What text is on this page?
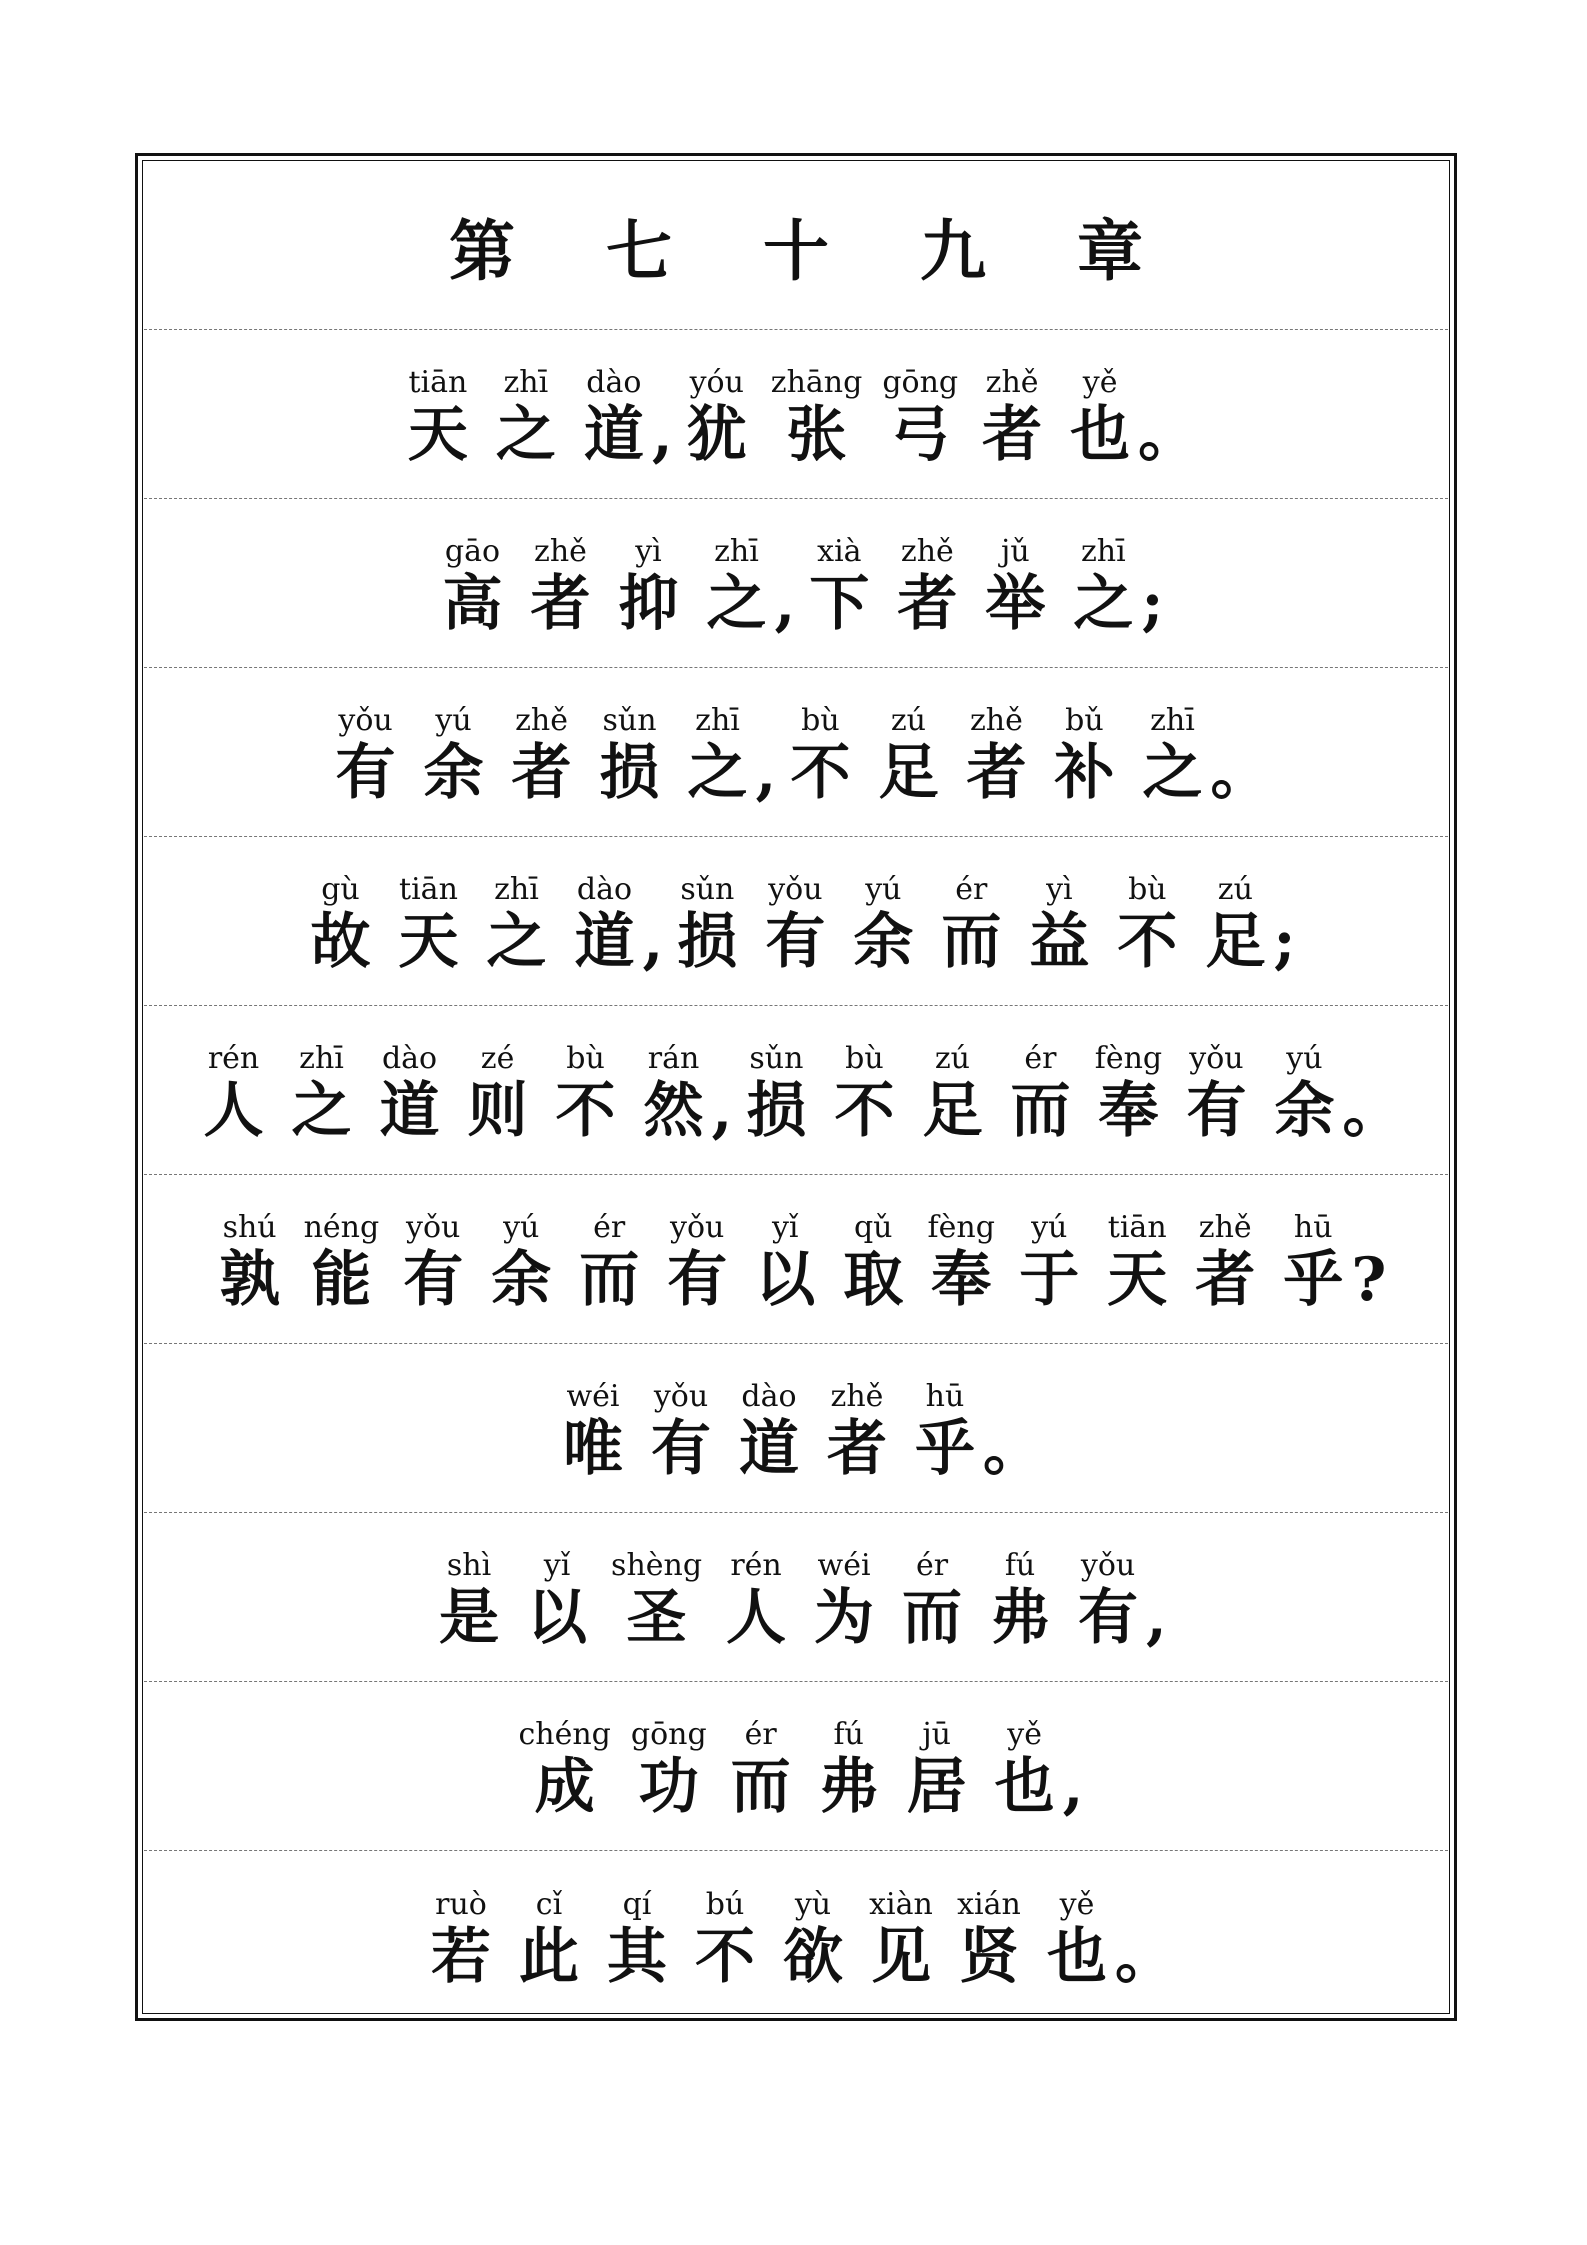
第 七 十 九 章
tiān
天
zhī
之
dào
道 ,
yóu
犹
zhāng
张
gōng
弓
zhě
者
yě
也 。
gāo
高
zhě
者
yì
抑
zhī
之 ,
xià
下
zhě
者
jǔ
举
zhī
之 ;
yǒu
有
yú
余
zhě
者
sǔn
损
zhī
之 ,
bù
不
zú
足
zhě
者
bǔ
补
zhī
之 。
gù
故
tiān
天
zhī
之
dào
道 ,
sǔn
损
yǒu
有
yú
余
ér
而
yì
益
bù
不
zú
足 ;
rén
人
zhī
之
dào
道
zé
则
bù
不
rán
然 ,
sǔn
损
bù
不
zú
足
ér
而
fèng
奉
yǒu
有
yú
余 。
shú
孰
néng
能
yǒu
有
yú
余
ér
而
yǒu
有
yǐ
以
qǔ
取
fèng
奉
yú
于
tiān
天
zhě
者
hū
乎 ?
wéi
唯
yǒu
有
dào
道
zhě
者
hū
乎 。
shì
是
yǐ
以
shèng
圣
rén
人
wéi
为
ér
而
fú
弗
yǒu
有 ,
chéng
成
gōng
功
ér
而
fú
弗
jū
居
yě
也 ,
ruò
若
cǐ
此
qí
其
bú
不
yù
欲
xiàn
见
xián
贤
yě
也 。
